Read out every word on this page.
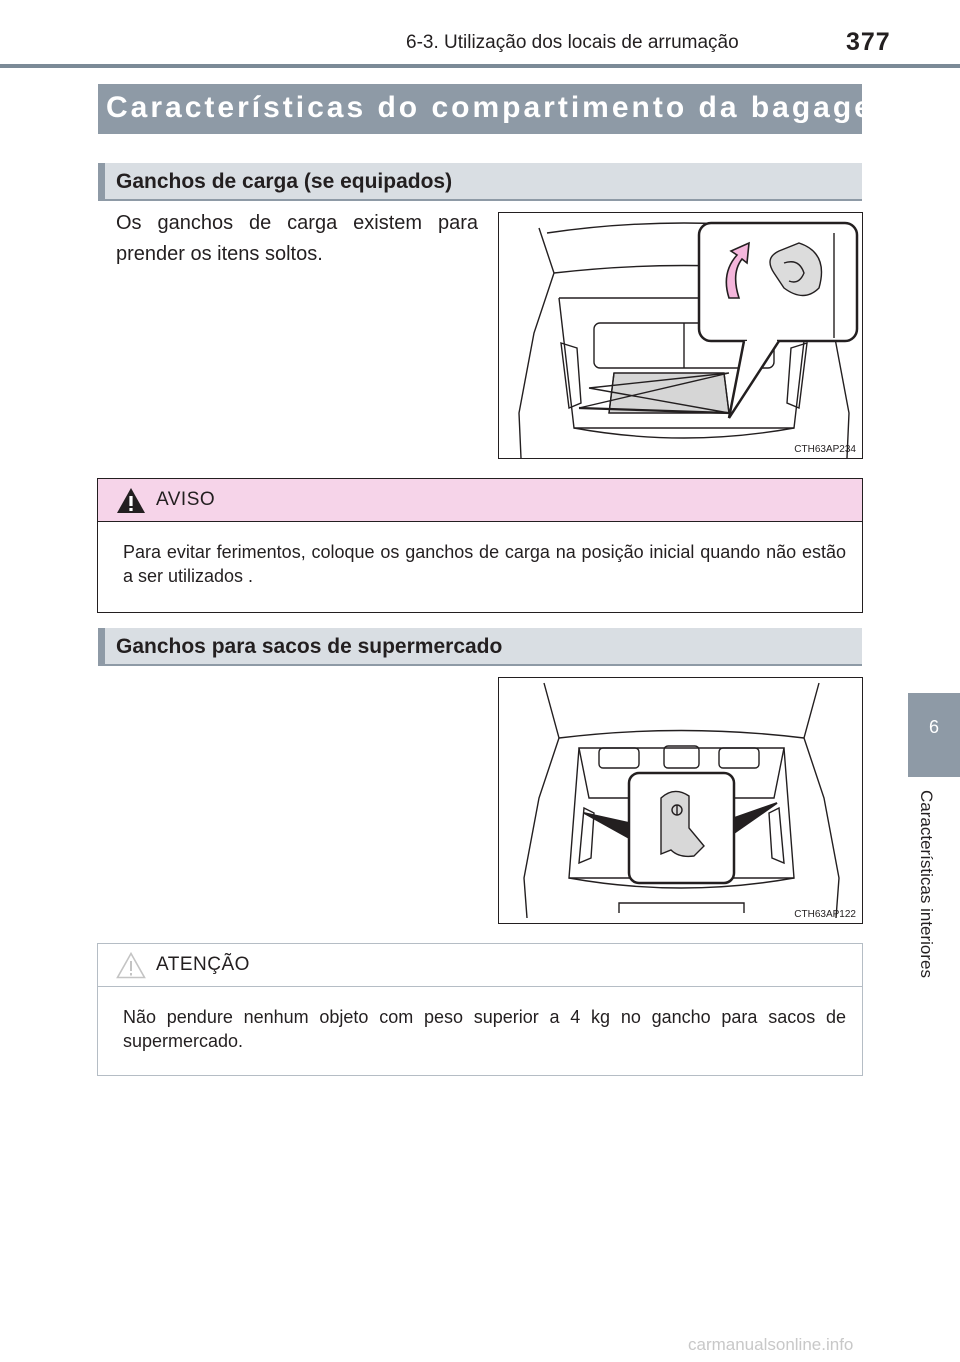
6-3. Utilização dos locais de arrumação	377
Características do compartimento da bagagem
Ganchos de carga (se equipados)

Os ganchos de carga existem para prender os itens soltos.

CTH63AP234
AVISO

Para evitar ferimentos, coloque os ganchos de carga na posição inicial quando não estão a ser utilizados .

Ganchos para sacos de supermercado
CTH63AP122
ATENÇÃO

Não pendure nenhum objeto com peso superior a 4 kg no gancho para sacos de supermercado.

6
Características interiores
carmanualsonline.info
